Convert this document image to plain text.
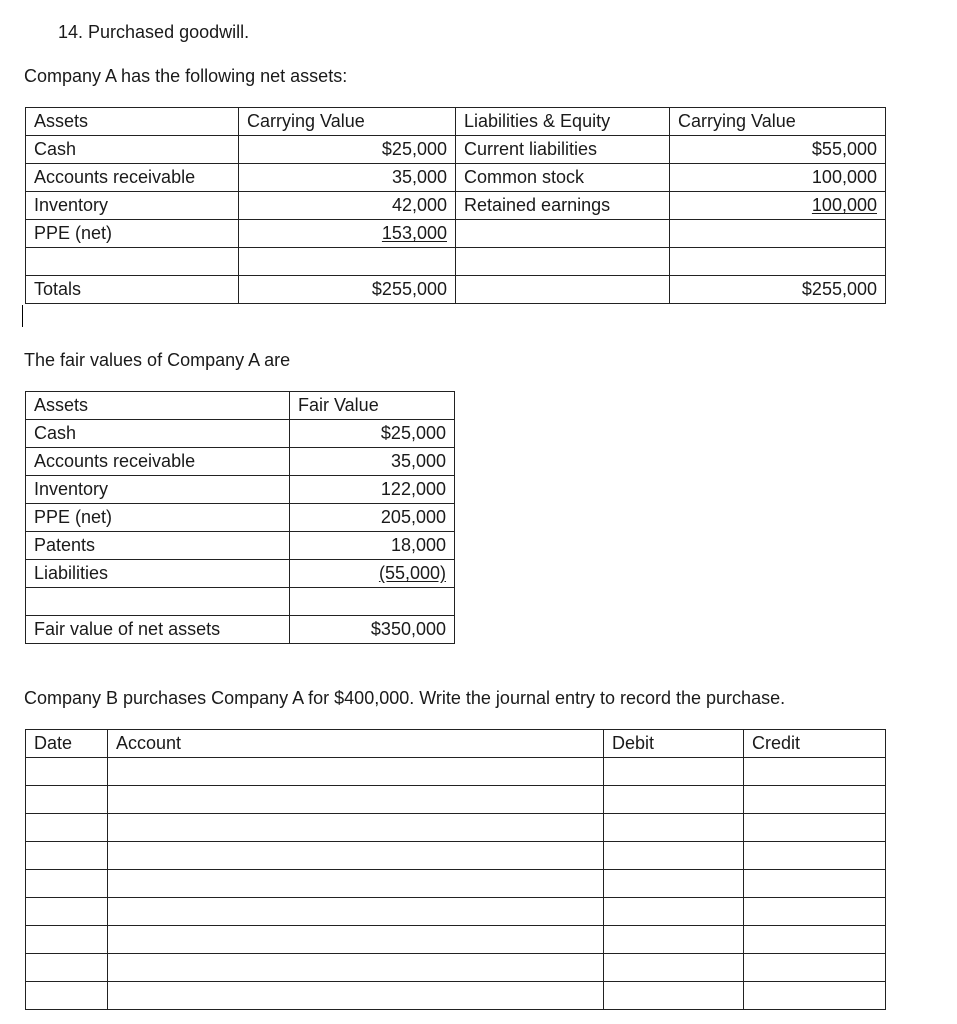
14. Purchased goodwill.
Company A has the following net assets:
Assets	Carrying Value	Liabilities & Equity	Carrying Value
Cash	$25,000	Current liabilities	$55,000
Accounts receivable	35,000	Common stock	100,000
Inventory	42,000	Retained earnings	100,000
PPE (net)	153,000		

Totals	$255,000		$255,000
The fair values of Company A are
Assets	Fair Value
Cash	$25,000
Accounts receivable	35,000
Inventory	122,000
PPE (net)	205,000
Patents	18,000
Liabilities	(55,000)

Fair value of net assets	$350,000
Company B purchases Company A for $400,000. Write the journal entry to record the purchase.
Date	Account	Debit	Credit
